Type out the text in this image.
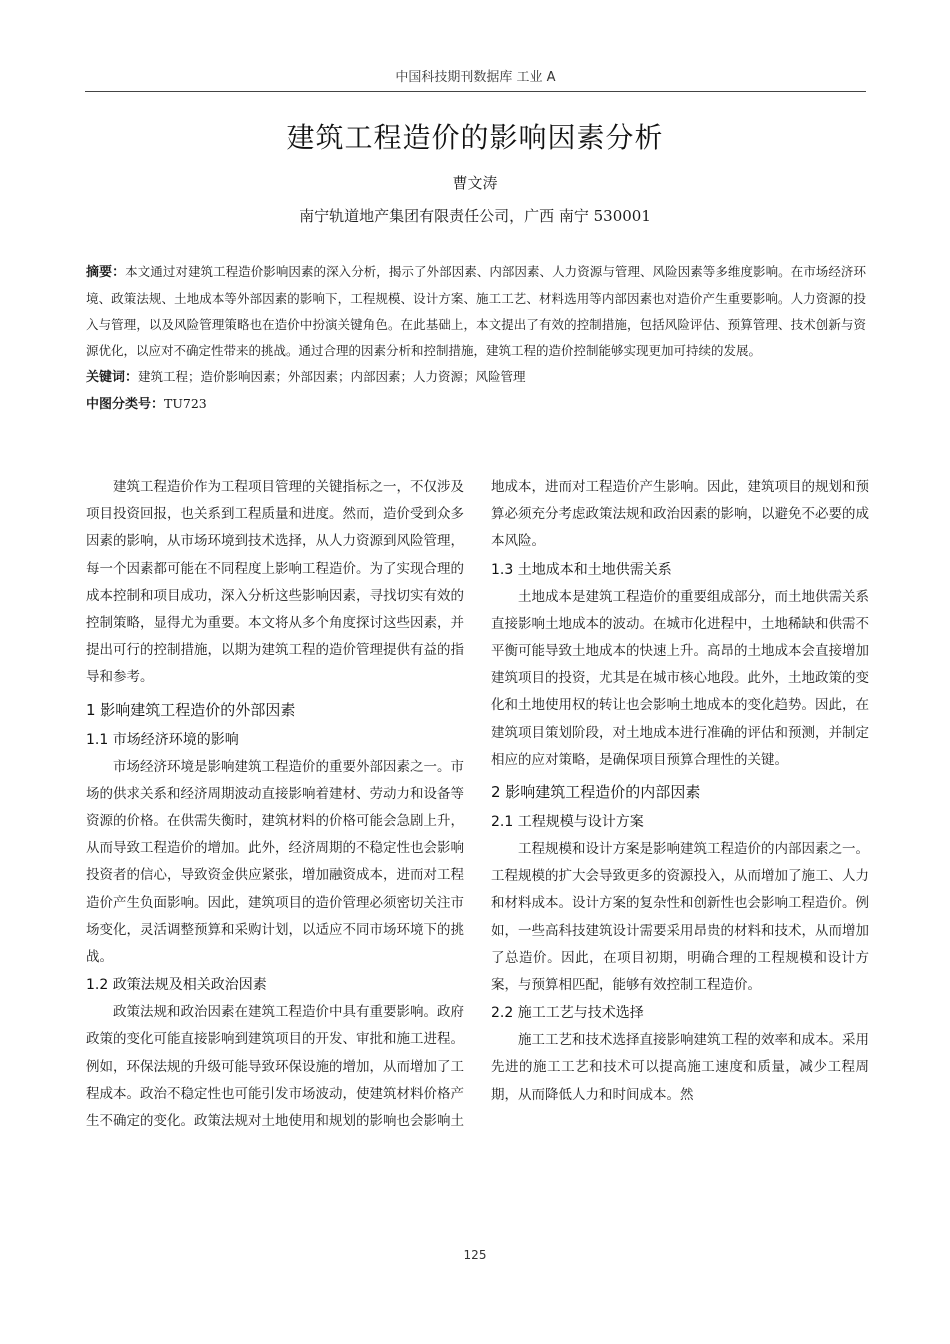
中国科技期刊数据库 工业 A
建筑工程造价的影响因素分析
曹文涛
南宁轨道地产集团有限责任公司，广西 南宁 530001

摘要：本文通过对建筑工程造价影响因素的深入分析，揭示了外部因素、内部因素、人力资源与管理、风险因素等多维度影响。在市场经济环境、政策法规、土地成本等外部因素的影响下，工程规模、设计方案、施工工艺、材料选用等内部因素也对造价产生重要影响。人力资源的投入与管理，以及风险管理策略也在造价中扮演关键角色。在此基础上，本文提出了有效的控制措施，包括风险评估、预算管理、技术创新与资源优化，以应对不确定性带来的挑战。通过合理的因素分析和控制措施，建筑工程的造价控制能够实现更加可持续的发展。

关键词：建筑工程；造价影响因素；外部因素；内部因素；人力资源；风险管理

中图分类号：TU723

建筑工程造价作为工程项目管理的关键指标之一，不仅涉及项目投资回报，也关系到工程质量和进度。然而，造价受到众多因素的影响，从市场环境到技术选择，从人力资源到风险管理，每一个因素都可能在不同程度上影响工程造价。为了实现合理的成本控制和项目成功，深入分析这些影响因素，寻找切实有效的控制策略，显得尤为重要。本文将从多个角度探讨这些因素，并提出可行的控制措施，以期为建筑工程的造价管理提供有益的指导和参考。

1 影响建筑工程造价的外部因素
1.1 市场经济环境的影响

市场经济环境是影响建筑工程造价的重要外部因素之一。市场的供求关系和经济周期波动直接影响着建材、劳动力和设备等资源的价格。在供需失衡时，建筑材料的价格可能会急剧上升，从而导致工程造价的增加。此外，经济周期的不稳定性也会影响投资者的信心，导致资金供应紧张，增加融资成本，进而对工程造价产生负面影响。因此，建筑项目的造价管理必须密切关注市场变化，灵活调整预算和采购计划，以适应不同市场环境下的挑战。

1.2 政策法规及相关政治因素

政策法规和政治因素在建筑工程造价中具有重要影响。政府政策的变化可能直接影响到建筑项目的开发、审批和施工进程。例如，环保法规的升级可能导致环保设施的增加，从而增加了工程成本。政治不稳定性也可能引发市场波动，使建筑材料价格产生不确定的变化。政策法规对土地使用和规划的影响也会影响土

地成本，进而对工程造价产生影响。因此，建筑项目的规划和预算必须充分考虑政策法规和政治因素的影响，以避免不必要的成本风险。

1.3 土地成本和土地供需关系

土地成本是建筑工程造价的重要组成部分，而土地供需关系直接影响土地成本的波动。在城市化进程中，土地稀缺和供需不平衡可能导致土地成本的快速上升。高昂的土地成本会直接增加建筑项目的投资，尤其是在城市核心地段。此外，土地政策的变化和土地使用权的转让也会影响土地成本的变化趋势。因此，在建筑项目策划阶段，对土地成本进行准确的评估和预测，并制定相应的应对策略，是确保项目预算合理性的关键。

2 影响建筑工程造价的内部因素
2.1 工程规模与设计方案

工程规模和设计方案是影响建筑工程造价的内部因素之一。工程规模的扩大会导致更多的资源投入，从而增加了施工、人力和材料成本。设计方案的复杂性和创新性也会影响工程造价。例如，一些高科技建筑设计需要采用昂贵的材料和技术，从而增加了总造价。因此，在项目初期，明确合理的工程规模和设计方案，与预算相匹配，能够有效控制工程造价。

2.2 施工工艺与技术选择

施工工艺和技术选择直接影响建筑工程的效率和成本。采用先进的施工工艺和技术可以提高施工速度和质量，减少工程周期，从而降低人力和时间成本。然

125
